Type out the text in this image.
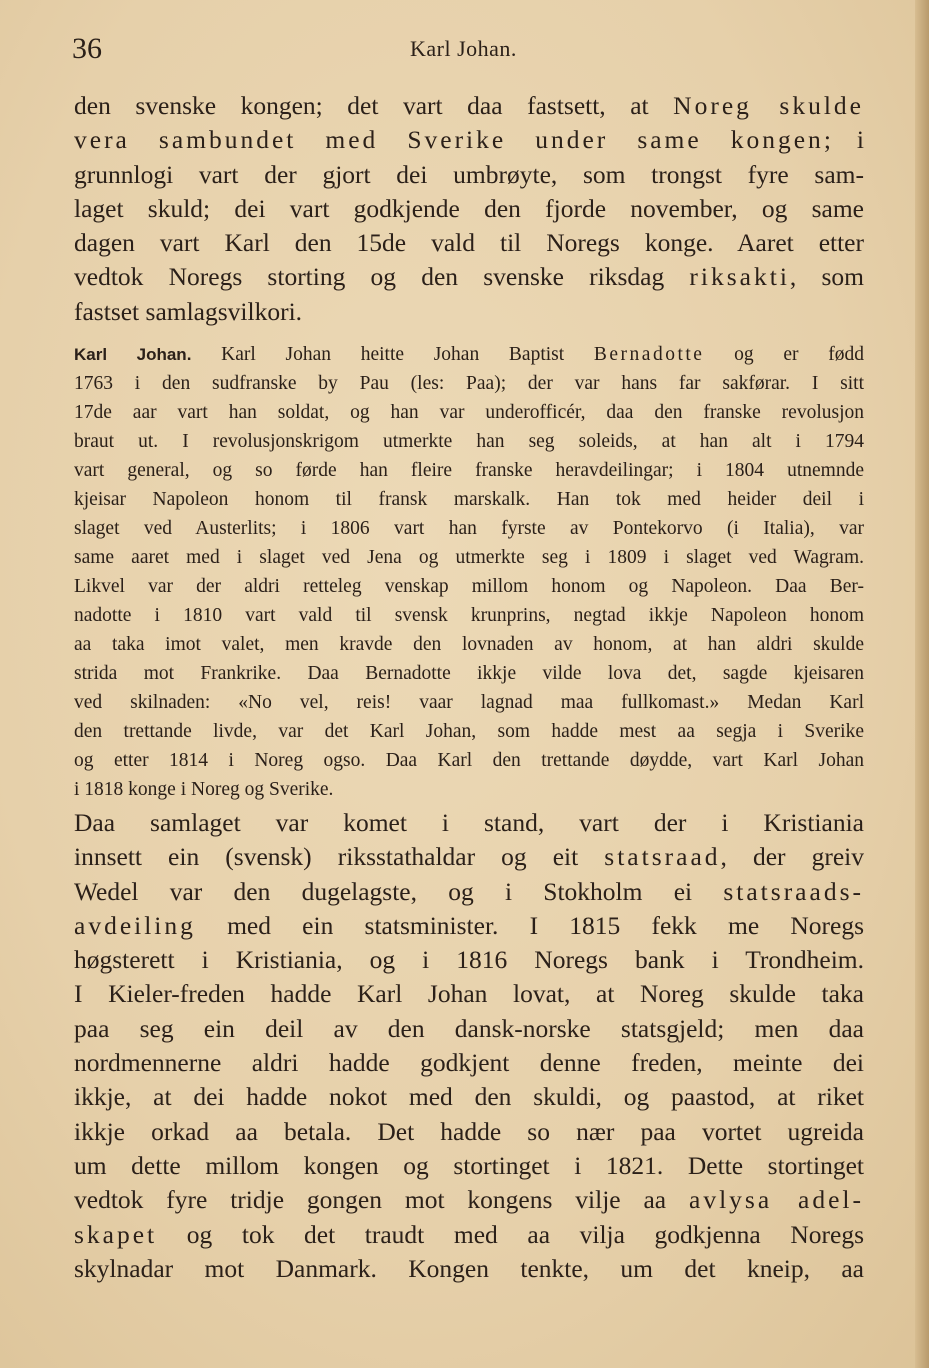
36	Karl Johan.
den svenske kongen; det vart daa fastsett, at Noreg skulde
vera sambundet med Sverike under same kongen; i
grunnlogi vart der gjort dei umbrøyte, som trongst fyre sam-
laget skuld; dei vart godkjende den fjorde november, og same
dagen vart Karl den 15de vald til Noregs konge. Aaret etter
vedtok Noregs storting og den svenske riksdag riksakti, som
fastset samlagsvilkori.
Karl Johan. Karl Johan heitte Johan Baptist Bernadotte og er fødd
1763 i den sudfranske by Pau (les: Paa); der var hans far sakførar. I sitt
17de aar vart han soldat, og han var underofficér, daa den franske revolusjon
braut ut. I revolusjonskrigom utmerkte han seg soleids, at han alt i 1794
vart general, og so førde han fleire franske heravdeilingar; i 1804 utnemnde
kjeisar Napoleon honom til fransk marskalk. Han tok med heider deil i
slaget ved Austerlits; i 1806 vart han fyrste av Pontekorvo (i Italia), var
same aaret med i slaget ved Jena og utmerkte seg i 1809 i slaget ved Wagram.
Likvel var der aldri retteleg venskap millom honom og Napoleon. Daa Ber-
nadotte i 1810 vart vald til svensk krunprins, negtad ikkje Napoleon honom
aa taka imot valet, men kravde den lovnaden av honom, at han aldri skulde
strida mot Frankrike. Daa Bernadotte ikkje vilde lova det, sagde kjeisaren
ved skilnaden: «No vel, reis! vaar lagnad maa fullkomast.» Medan Karl
den trettande livde, var det Karl Johan, som hadde mest aa segja i Sverike
og etter 1814 i Noreg ogso. Daa Karl den trettande døydde, vart Karl Johan
i 1818 konge i Noreg og Sverike.
Daa samlaget var komet i stand, vart der i Kristiania
innsett ein (svensk) riksstathaldar og eit statsraad, der greiv
Wedel var den dugelagste, og i Stokholm ei statsraads-
avdeiling med ein statsminister. I 1815 fekk me Noregs
høgsterett i Kristiania, og i 1816 Noregs bank i Trondheim.
I Kieler-freden hadde Karl Johan lovat, at Noreg skulde taka
paa seg ein deil av den dansk-norske statsgjeld; men daa
nordmennerne aldri hadde godkjent denne freden, meinte dei
ikkje, at dei hadde nokot med den skuldi, og paastod, at riket
ikkje orkad aa betala. Det hadde so nær paa vortet ugreida
um dette millom kongen og stortinget i 1821. Dette stortinget
vedtok fyre tridje gongen mot kongens vilje aa avlysa adel-
skapet og tok det traudt med aa vilja godkjenna Noregs
skylnadar mot Danmark. Kongen tenkte, um det kneip, aa
